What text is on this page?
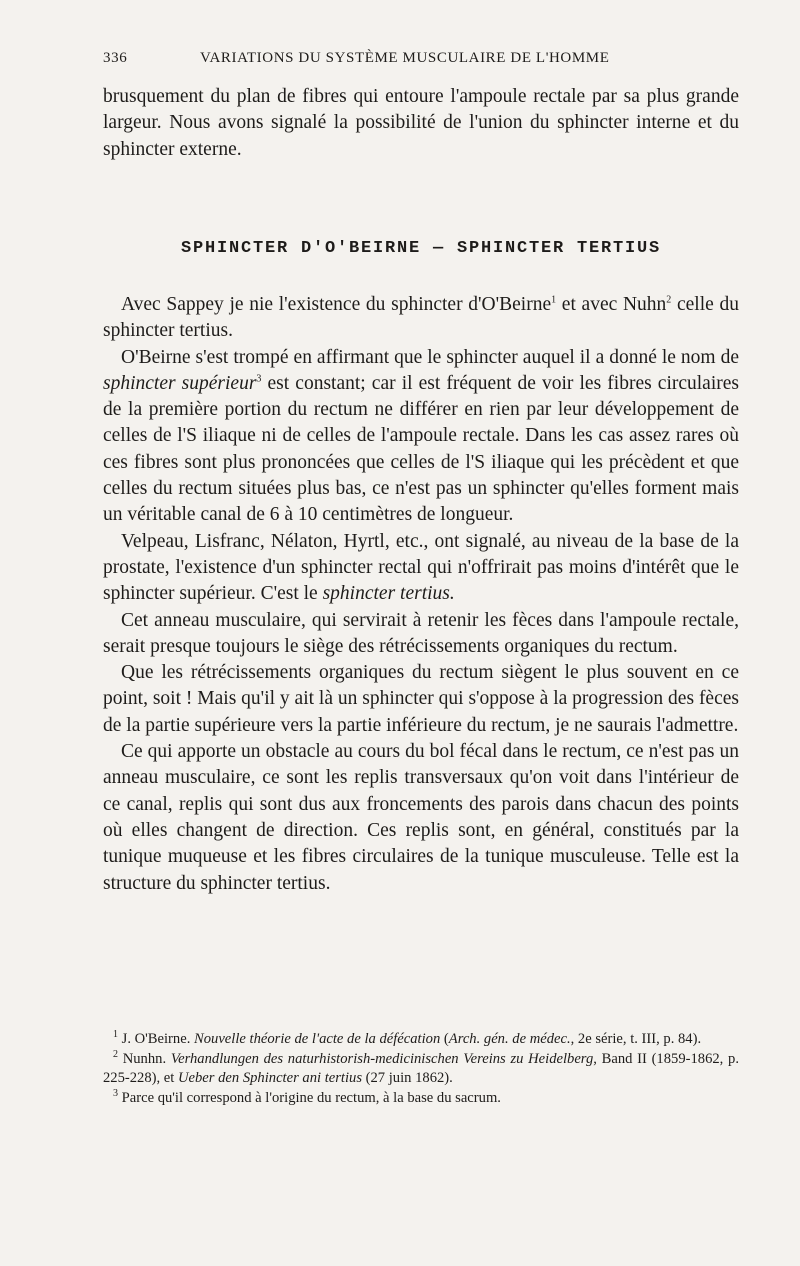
336	VARIATIONS DU SYSTÈME MUSCULAIRE DE L'HOMME

brusquement du plan de fibres qui entoure l'ampoule rectale par sa plus grande largeur. Nous avons signalé la possibilité de l'union du sphincter interne et du sphincter externe.

SPHINCTER D'O'BEIRNE — SPHINCTER TERTIUS

Avec Sappey je nie l'existence du sphincter d'O'Beirne$^1$ et avec Nuhn$^2$ celle du sphincter tertius.

O'Beirne s'est trompé en affirmant que le sphincter auquel il a donné le nom de sphincter supérieur$^3$ est constant; car il est fréquent de voir les fibres circulaires de la première portion du rectum ne différer en rien par leur développement de celles de l'S iliaque ni de celles de l'ampoule rectale. Dans les cas assez rares où ces fibres sont plus prononcées que celles de l'S iliaque qui les précèdent et que celles du rectum situées plus bas, ce n'est pas un sphincter qu'elles forment mais un véritable canal de 6 à 10 centimètres de longueur.

Velpeau, Lisfranc, Nélaton, Hyrtl, etc., ont signalé, au niveau de la base de la prostate, l'existence d'un sphincter rectal qui n'offrirait pas moins d'intérêt que le sphincter supérieur. C'est le sphincter tertius.

Cet anneau musculaire, qui servirait à retenir les fèces dans l'ampoule rectale, serait presque toujours le siège des rétrécissements organiques du rectum.

Que les rétrécissements organiques du rectum siègent le plus souvent en ce point, soit ! Mais qu'il y ait là un sphincter qui s'oppose à la progression des fèces de la partie supérieure vers la partie inférieure du rectum, je ne saurais l'admettre.

Ce qui apporte un obstacle au cours du bol fécal dans le rectum, ce n'est pas un anneau musculaire, ce sont les replis transversaux qu'on voit dans l'intérieur de ce canal, replis qui sont dus aux froncements des parois dans chacun des points où elles changent de direction. Ces replis sont, en général, constitués par la tunique muqueuse et les fibres circulaires de la tunique musculeuse. Telle est la structure du sphincter tertius.

$^1$ J. O'Beirne. Nouvelle théorie de l'acte de la défécation (Arch. gén. de médec., 2e série, t. III, p. 84).

$^2$ Nunhn. Verhandlungen des naturhistorish-medicinischen Vereins zu Heidelberg, Band II (1859-1862, p. 225-228), et Ueber den Sphincter ani tertius (27 juin 1862).

$^3$ Parce qu'il correspond à l'origine du rectum, à la base du sacrum.
